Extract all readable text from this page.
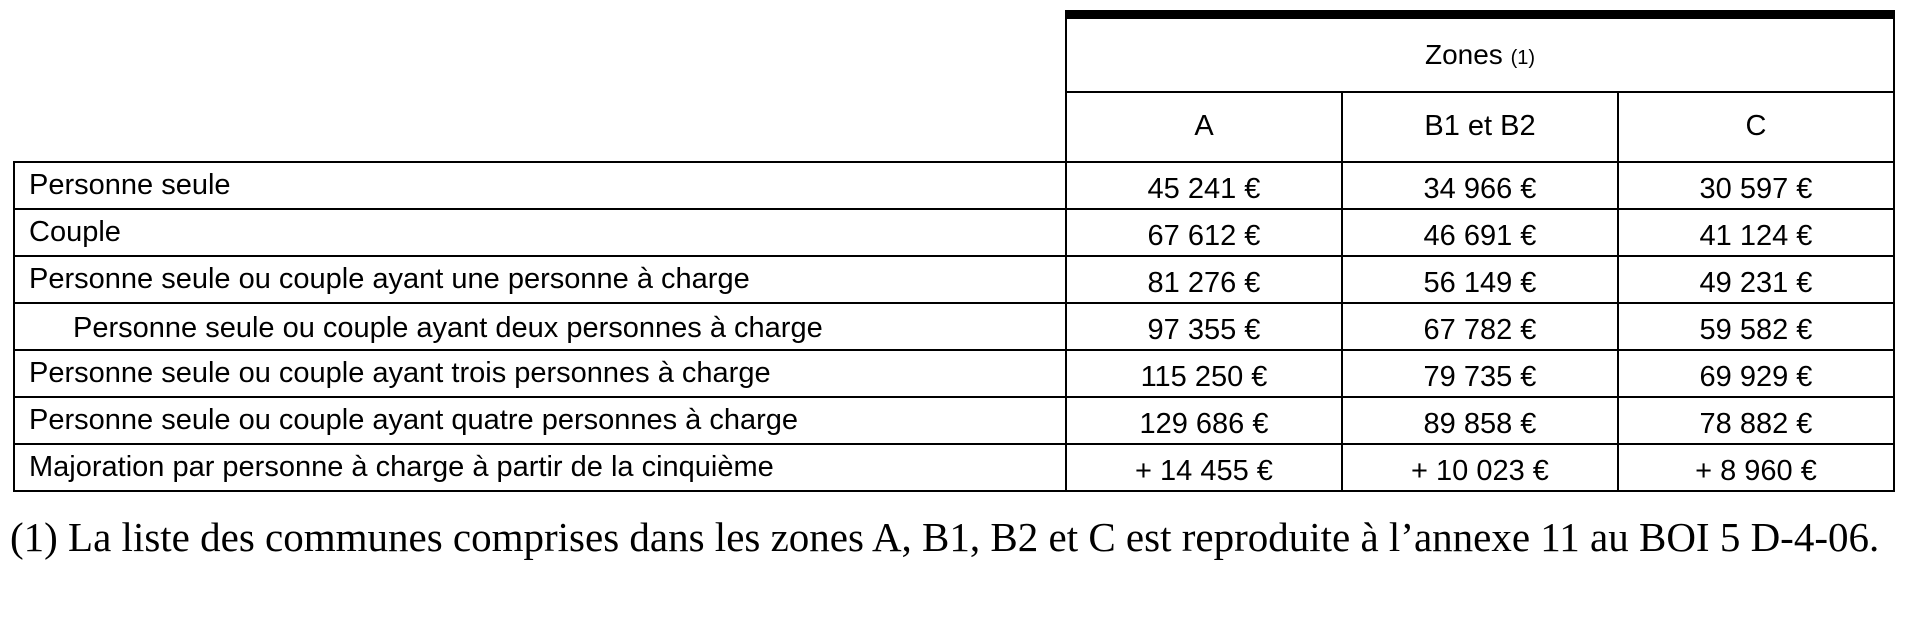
	Zones (1)		
	A	B1 et B2	C
Personne seule	45 241 €	34 966 €	30 597 €
Couple	67 612 €	46 691 €	41 124 €
Personne seule ou couple ayant une personne à charge	81 276 €	56 149 €	49 231 €
Personne seule ou couple ayant deux personnes à charge	97 355 €	67 782 €	59 582 €
Personne seule ou couple ayant trois personnes à charge	115 250 €	79 735 €	69 929 €
Personne seule ou couple ayant quatre personnes à charge	129 686 €	89 858 €	78 882 €
Majoration par personne à charge à partir de la cinquième	+ 14 455 €	+ 10 023 €	+ 8 960 €
(1) La liste des communes comprises dans les zones A, B1, B2 et C est reproduite à l’annexe 11 au BOI 5 D-4-06.
